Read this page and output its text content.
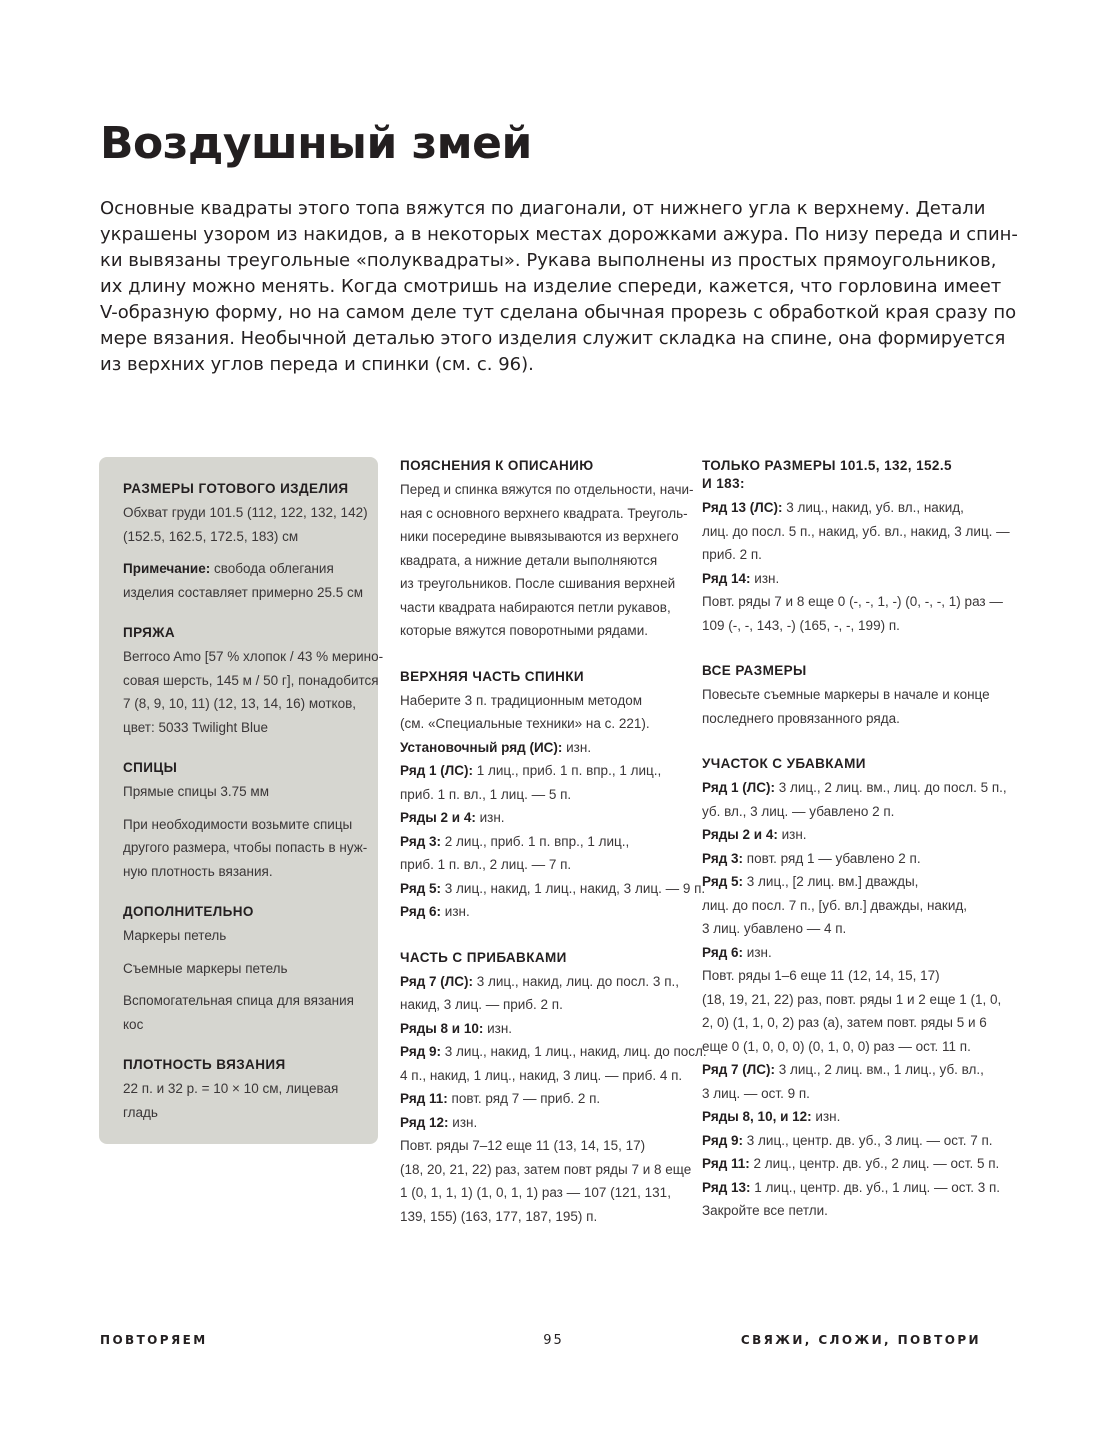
Воздушный змей
Основные квадраты этого топа вяжутся по диагонали, от нижнего угла к верхнему. Детали
украшены узором из накидов, а в некоторых местах дорожками ажура. По низу переда и спин-
ки вывязаны треугольные «полуквадраты». Рукава выполнены из простых прямоугольников,
их длину можно менять. Когда смотришь на изделие спереди, кажется, что горловина имеет
V-образную форму, но на самом деле тут сделана обычная прорезь с обработкой края сразу по
мере вязания. Необычной деталью этого изделия служит складка на спине, она формируется
из верхних углов переда и спинки (см. с. 96).
РАЗМЕРЫ ГОТОВОГО ИЗДЕЛИЯ
Обхват груди 101.5 (112, 122, 132, 142)
(152.5, 162.5, 172.5, 183) см
Примечание: свобода облегания
изделия составляет примерно 25.5 см
ПРЯЖА
Berroco Amo [57 % хлопок / 43 % мерино-
совая шерсть, 145 м / 50 г], понадобится
7 (8, 9, 10, 11) (12, 13, 14, 16) мотков,
цвет: 5033 Twilight Blue
СПИЦЫ
Прямые спицы 3.75 мм
При необходимости возьмите спицы
другого размера, чтобы попасть в нуж-
ную плотность вязания.
ДОПОЛНИТЕЛЬНО
Маркеры петель
Съемные маркеры петель
Вспомогательная спица для вязания
кос
ПЛОТНОСТЬ ВЯЗАНИЯ
22 п. и 32 р. = 10 × 10 см, лицевая
гладь
ПОЯСНЕНИЯ К ОПИСАНИЮ
Перед и спинка вяжутся по отдельности, начи-
ная с основного верхнего квадрата. Треуголь-
ники посередине вывязываются из верхнего
квадрата, а нижние детали выполняются
из треугольников. После сшивания верхней
части квадрата набираются петли рукавов,
которые вяжутся поворотными рядами.
ВЕРХНЯЯ ЧАСТЬ СПИНКИ
Наберите 3 п. традиционным методом
(см. «Специальные техники» на с. 221).
Установочный ряд (ИС): изн.
Ряд 1 (ЛС): 1 лиц., приб. 1 п. впр., 1 лиц.,
приб. 1 п. вл., 1 лиц. — 5 п.
Ряды 2 и 4: изн.
Ряд 3: 2 лиц., приб. 1 п. впр., 1 лиц.,
приб. 1 п. вл., 2 лиц. — 7 п.
Ряд 5: 3 лиц., накид, 1 лиц., накид, 3 лиц. — 9 п.
Ряд 6: изн.
ЧАСТЬ С ПРИБАВКАМИ
Ряд 7 (ЛС): 3 лиц., накид, лиц. до посл. 3 п.,
накид, 3 лиц. — приб. 2 п.
Ряды 8 и 10: изн.
Ряд 9: 3 лиц., накид, 1 лиц., накид, лиц. до посл.
4 п., накид, 1 лиц., накид, 3 лиц. — приб. 4 п.
Ряд 11: повт. ряд 7 — приб. 2 п.
Ряд 12: изн.
Повт. ряды 7–12 еще 11 (13, 14, 15, 17)
(18, 20, 21, 22) раз, затем повт ряды 7 и 8 еще
1 (0, 1, 1, 1) (1, 0, 1, 1) раз — 107 (121, 131,
139, 155) (163, 177, 187, 195) п.
ТОЛЬКО РАЗМЕРЫ 101.5, 132, 152.5
И 183:
Ряд 13 (ЛС): 3 лиц., накид, уб. вл., накид,
лиц. до посл. 5 п., накид, уб. вл., накид, 3 лиц. —
приб. 2 п.
Ряд 14: изн.
Повт. ряды 7 и 8 еще 0 (-, -, 1, -) (0, -, -, 1) раз —
109 (-, -, 143, -) (165, -, -, 199) п.
ВСЕ РАЗМЕРЫ
Повесьте съемные маркеры в начале и конце
последнего провязанного ряда.
УЧАСТОК С УБАВКАМИ
Ряд 1 (ЛС): 3 лиц., 2 лиц. вм., лиц. до посл. 5 п.,
уб. вл., 3 лиц. — убавлено 2 п.
Ряды 2 и 4: изн.
Ряд 3: повт. ряд 1 — убавлено 2 п.
Ряд 5: 3 лиц., [2 лиц. вм.] дважды,
лиц. до посл. 7 п., [уб. вл.] дважды, накид,
3 лиц. убавлено — 4 п.
Ряд 6: изн.
Повт. ряды 1–6 еще 11 (12, 14, 15, 17)
(18, 19, 21, 22) раз, повт. ряды 1 и 2 еще 1 (1, 0,
2, 0) (1, 1, 0, 2) раз (а), затем повт. ряды 5 и 6
еще 0 (1, 0, 0, 0) (0, 1, 0, 0) раз — ост. 11 п.
Ряд 7 (ЛС): 3 лиц., 2 лиц. вм., 1 лиц., уб. вл.,
3 лиц. — ост. 9 п.
Ряды 8, 10, и 12: изн.
Ряд 9: 3 лиц., центр. дв. уб., 3 лиц. — ост. 7 п.
Ряд 11: 2 лиц., центр. дв. уб., 2 лиц. — ост. 5 п.
Ряд 13: 1 лиц., центр. дв. уб., 1 лиц. — ост. 3 п.
Закройте все петли.
ПОВТОРЯЕМ	95	СВЯЖИ, СЛОЖИ, ПОВТОРИ
